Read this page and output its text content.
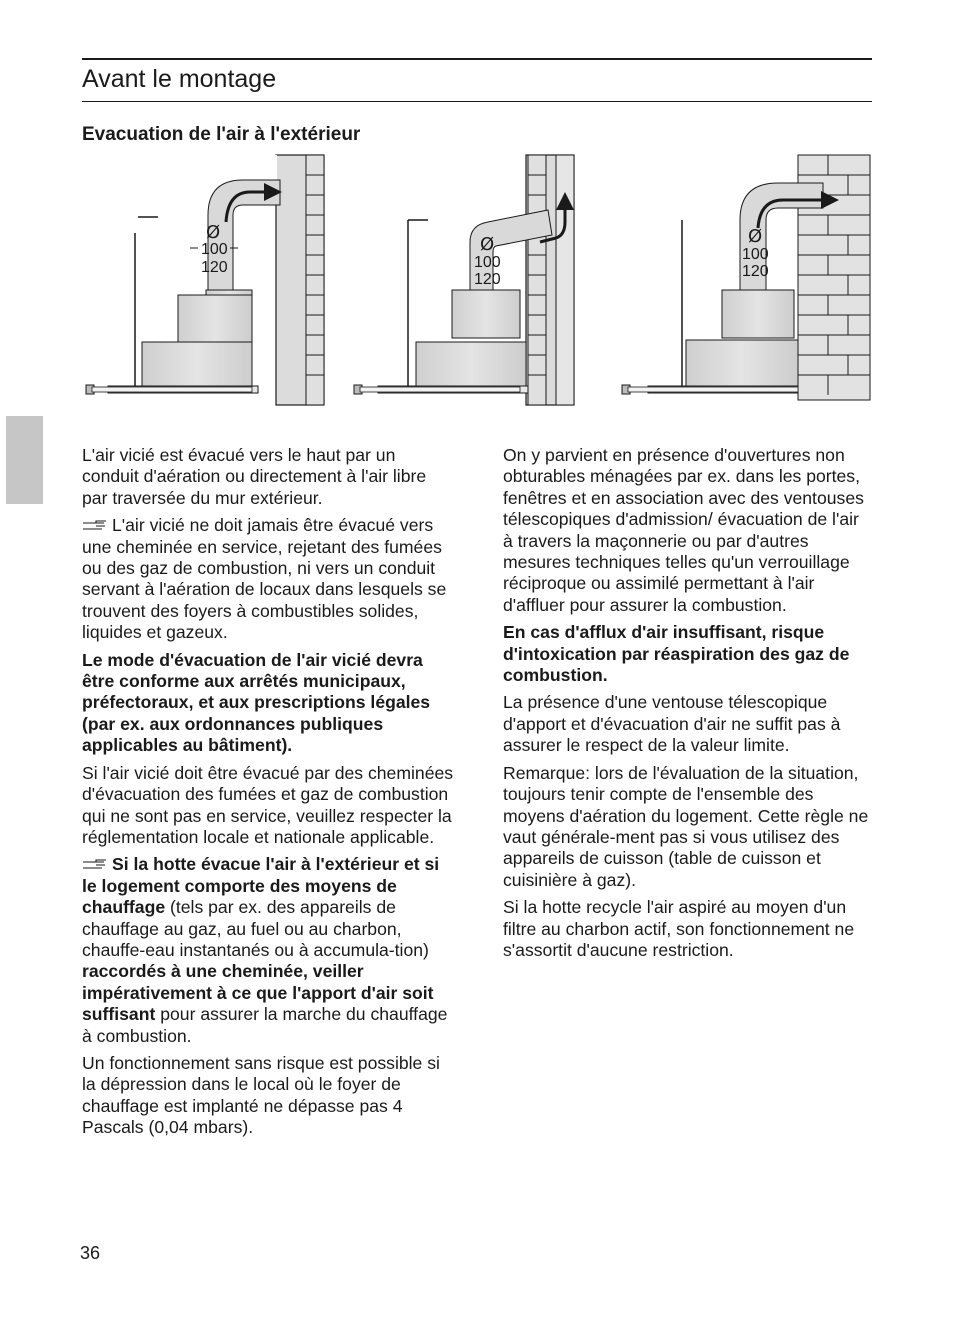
Avant le montage
Evacuation de l'air à l'extérieur
Ø
100
120
Ø
100
120
Ø
100
120

L'air vicié est évacué vers le haut par un conduit d'aération ou directement à l'air libre par traversée du mur extérieur.

L'air vicié ne doit jamais être évacué vers une cheminée en service, rejetant des fumées ou des gaz de combustion, ni vers un conduit servant à l'aération de locaux dans lesquels se trouvent des foyers à combustibles solides, liquides et gazeux.

Le mode d'évacuation de l'air vicié devra être conforme aux arrêtés municipaux, préfectoraux, et aux prescriptions légales (par ex. aux ordonnances publiques applicables au bâtiment).

Si l'air vicié doit être évacué par des cheminées d'évacuation des fumées et gaz de combustion qui ne sont pas en service, veuillez respecter la réglementation locale et nationale applicable.

Si la hotte évacue l'air à l'extérieur et si le logement comporte des moyens de chauffage (tels par ex. des appareils de chauffage au gaz, au fuel ou au charbon, chauffe-eau instantanés ou à accumula-tion) raccordés à une cheminée, veiller impérativement à ce que l'apport d'air soit suffisant pour assurer la marche du chauffage à combustion.

Un fonctionnement sans risque est possible si la dépression dans le local où le foyer de chauffage est implanté ne dépasse pas 4 Pascals (0,04 mbars).

On y parvient en présence d'ouvertures non obturables ménagées par ex. dans les portes, fenêtres et en association avec des ventouses télescopiques d'admission/ évacuation de l'air à travers la maçonnerie ou par d'autres mesures techniques telles qu'un verrouillage réciproque ou assimilé permettant à l'air d'affluer pour assurer la combustion.

En cas d'afflux d'air insuffisant, risque d'intoxication par réaspiration des gaz de combustion.

La présence d'une ventouse télescopique d'apport et d'évacuation d'air ne suffit pas à assurer le respect de la valeur limite.

Remarque: lors de l'évaluation de la situation, toujours tenir compte de l'ensemble des moyens d'aération du logement. Cette règle ne vaut générale-ment pas si vous utilisez des appareils de cuisson (table de cuisson et cuisinière à gaz).

Si la hotte recycle l'air aspiré au moyen d'un filtre au charbon actif, son fonctionnement ne s'assortit d'aucune restriction.

36
